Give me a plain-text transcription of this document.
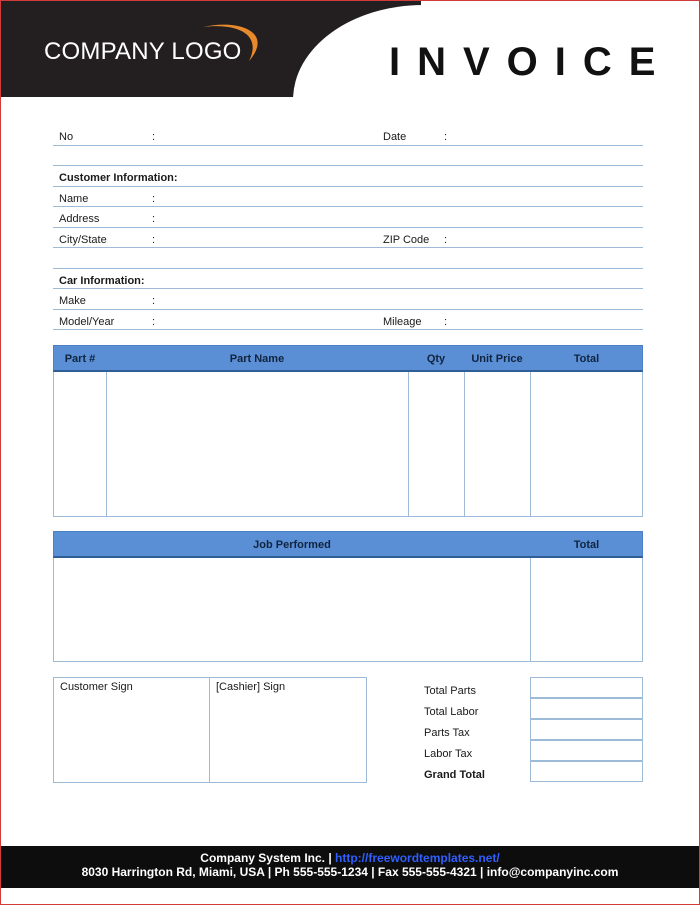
COMPANY LOGO	INVOICE
No	:	Date	:
Customer Information:
Name	:
Address	:
City/State	:	ZIP Code :
Car Information:
Make	:
Model/Year	:	Mileage :
Part #	Part Name	Qty	Unit Price	Total
Job Performed	Total
Customer Sign	[Cashier] Sign	Total Parts
Total Labor
Parts Tax
Labor Tax
Grand Total
Company System Inc. | http://freewordtemplates.net/
8030 Harrington Rd, Miami, USA | Ph 555-555-1234 | Fax 555-555-4321 | info@companyinc.com
